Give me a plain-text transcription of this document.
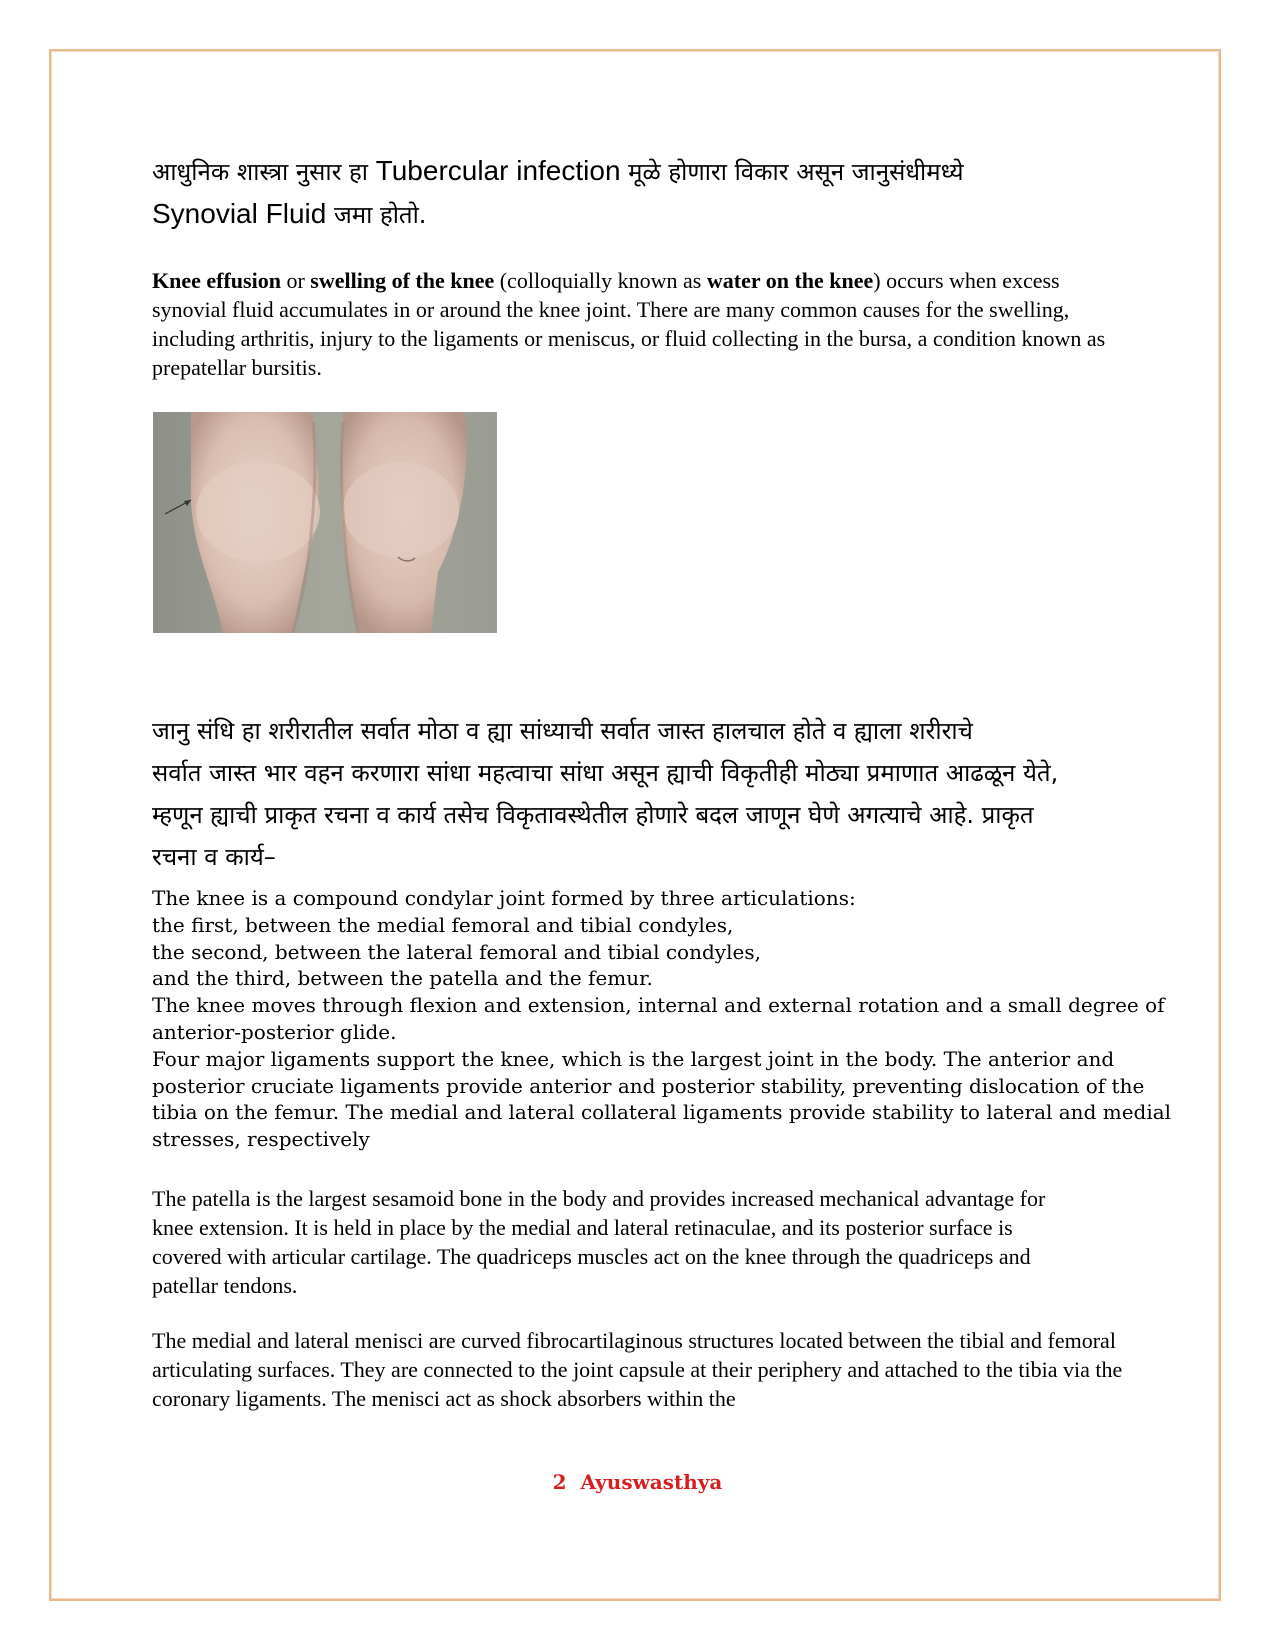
आधुनिक शास्त्रा नुसार हा Tubercular infection मूळे होणारा विकार असून जानुसंधीमध्ये

Synovial Fluid जमा होतो.

Knee effusion or swelling of the knee (colloquially known as water on the knee) occurs when excess synovial fluid accumulates in or around the knee joint. There are many common causes for the swelling, including arthritis, injury to the ligaments or meniscus, or fluid collecting in the bursa, a condition known as prepatellar bursitis.

जानु संधि हा शरीरातील सर्वात मोठा व ह्या सांध्याची सर्वात जास्त हालचाल होते व ह्याला शरीराचे

सर्वात जास्त भार वहन करणारा सांधा महत्वाचा सांधा असून ह्याची विकृतीही मोठ्या प्रमाणात आढळून येते,

म्हणून ह्याची प्राकृत रचना व कार्य तसेच विकृतावस्थेतील होणारे बदल जाणून घेणे अगत्याचे आहे. प्राकृत

रचना व कार्य–

The knee is a compound condylar joint formed by three articulations:

the first, between the medial femoral and tibial condyles,

the second, between the lateral femoral and tibial condyles,

and the third, between the patella and the femur.

The knee moves through flexion and extension, internal and external rotation and a small degree of

anterior-posterior glide.

Four major ligaments support the knee, which is the largest joint in the body. The anterior and

posterior cruciate ligaments provide anterior and posterior stability, preventing dislocation of the

tibia on the femur. The medial and lateral collateral ligaments provide stability to lateral and medial

stresses, respectively

The patella is the largest sesamoid bone in the body and provides increased mechanical advantage for knee extension. It is held in place by the medial and lateral retinaculae, and its posterior surface is covered with articular cartilage. The quadriceps muscles act on the knee through the quadriceps and patellar tendons.

The medial and lateral menisci are curved fibrocartilaginous structures located between the tibial and femoral articulating surfaces. They are connected to the joint capsule at their periphery and attached to the tibia via the coronary ligaments. The menisci act as shock absorbers within the

2 Ayuswasthya
